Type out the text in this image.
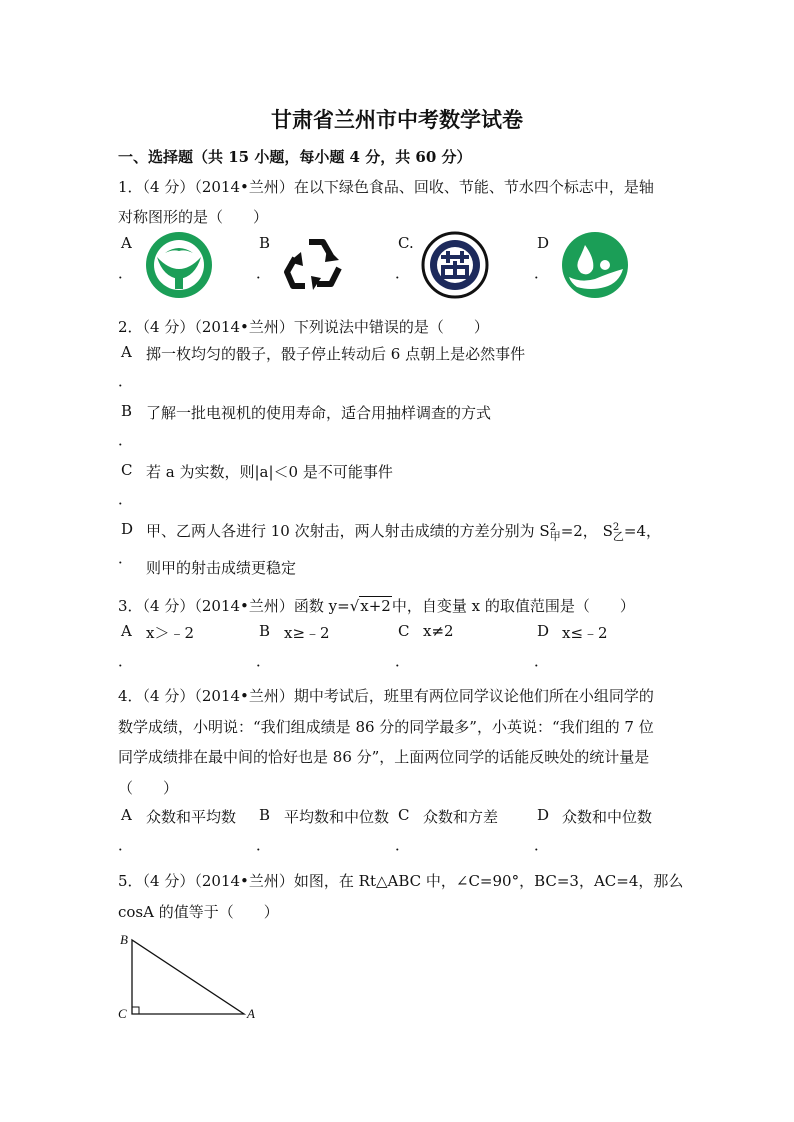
甘肃省兰州市中考数学试卷
一、选择题（共 15 小题，每小题 4 分，共 60 分）
1．（4 分）（2014•兰州）在以下绿色食品、回收、节能、节水四个标志中，是轴
对称图形的是（　　）
A
．
B
．
C.
．
D
．
2．（4 分）（2014•兰州）下列说法中错误的是（　　）
A 掷一枚均匀的骰子，骰子停止转动后 6 点朝上是必然事件
．
B 了解一批电视机的使用寿命，适合用抽样调查的方式
．
C 若 a 为实数，则|a|＜0 是不可能事件
．
D 甲、乙两人各进行 10 次射击，两人射击成绩的方差分别为 S 2
甲 =2， S 2
乙 =4，
．
则甲的射击成绩更稳定
3．（4 分）（2014•兰州）函数 y=√x+2中，自变量 x 的取值范围是（　　）
A x＞﹣2
．
B x≥﹣2
．
C x≠2
．
D x≤﹣2
．
4．（4 分）（2014•兰州）期中考试后，班里有两位同学议论他们所在小组同学的
数学成绩，小明说：“我们组成绩是 86 分的同学最多”，小英说：“我们组的 7 位
同学成绩排在最中间的恰好也是 86 分”，上面两位同学的话能反映处的统计量是
（　　）
A 众数和平均数
．
B 平均数和中位数
．
C 众数和方差
．
D 众数和中位数
．
5．（4 分）（2014•兰州）如图，在 Rt△ABC 中，∠C=90°，BC=3，AC=4，那么
cosA 的值等于（　　）
B
C	A
